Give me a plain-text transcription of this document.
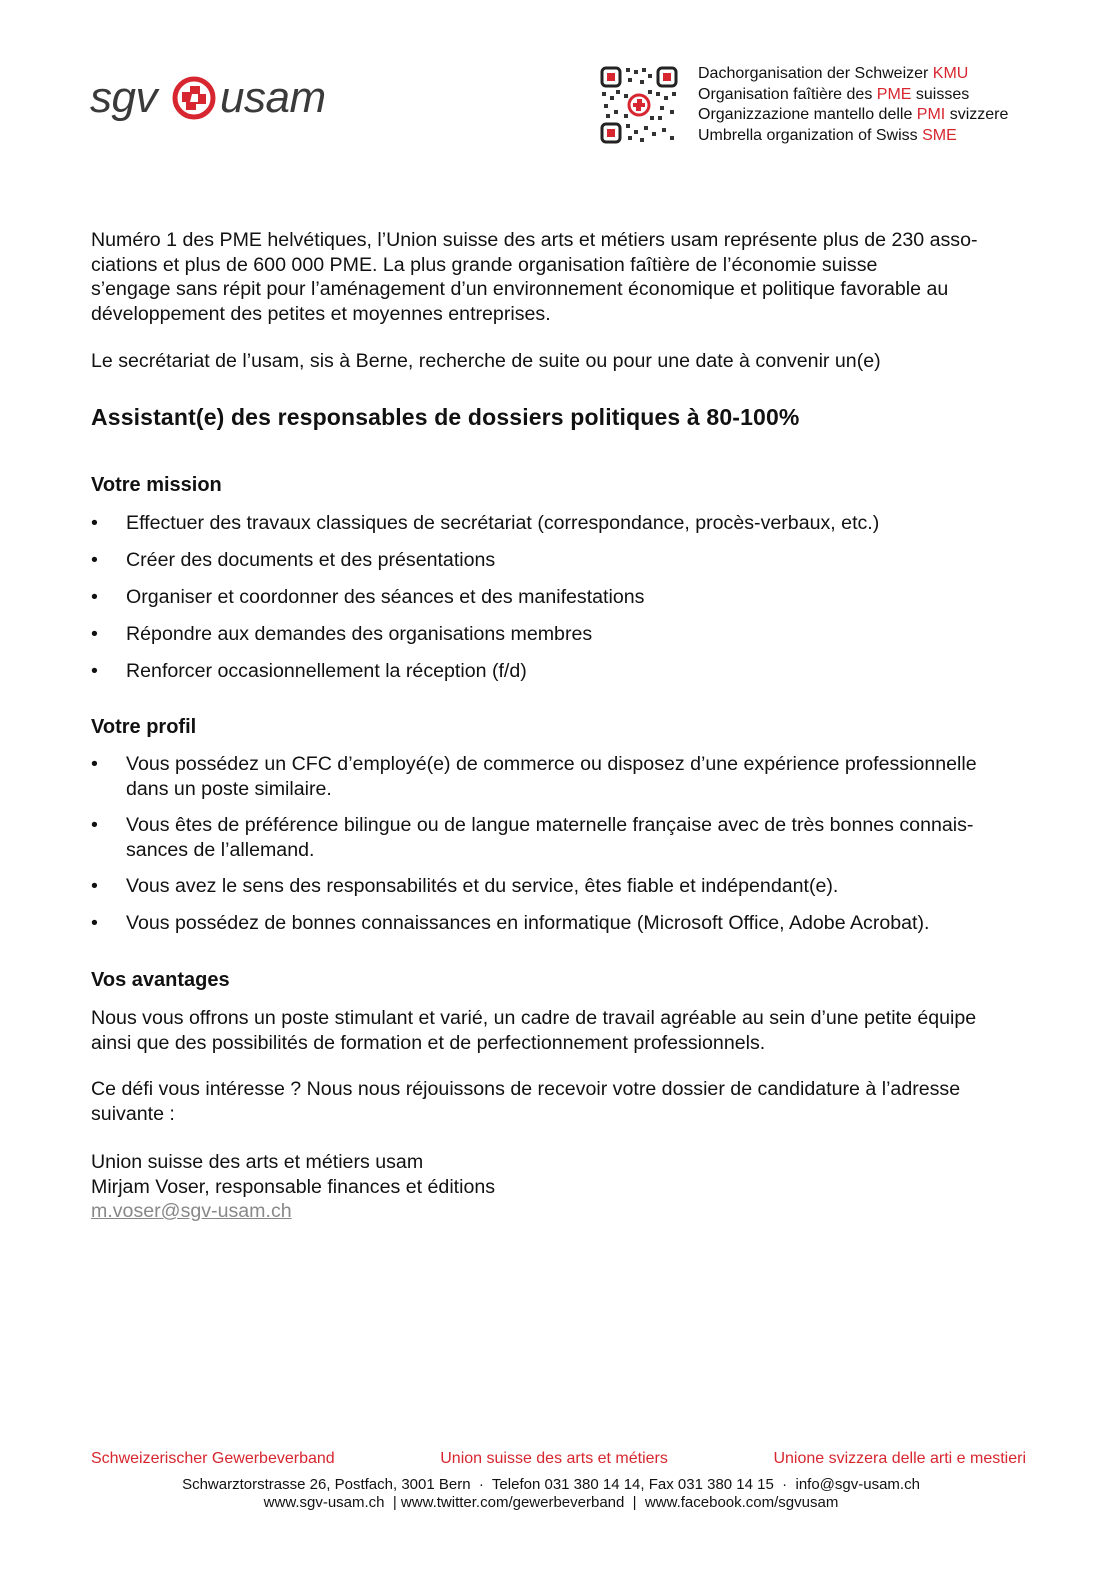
sgv usam	Dachorganisation der Schweizer KMU
Organisation faîtière des PME suisses
Organizzazione mantello delle PMI svizzere
Umbrella organization of Swiss SME
Numéro 1 des PME helvétiques, l’Union suisse des arts et métiers usam représente plus de 230 asso-
ciations et plus de 600 000 PME. La plus grande organisation faîtière de l’économie suisse
s’engage sans répit pour l’aménagement d’un environnement économique et politique favorable au
développement des petites et moyennes entreprises.
Le secrétariat de l’usam, sis à Berne, recherche de suite ou pour une date à convenir un(e)
Assistant(e) des responsables de dossiers politiques à 80-100%
Votre mission
• Effectuer des travaux classiques de secrétariat (correspondance, procès-verbaux, etc.)
• Créer des documents et des présentations
• Organiser et coordonner des séances et des manifestations
• Répondre aux demandes des organisations membres
• Renforcer occasionnellement la réception (f/d)
Votre profil
• Vous possédez un CFC d’employé(e) de commerce ou disposez d’une expérience professionnelle
dans un poste similaire.
• Vous êtes de préférence bilingue ou de langue maternelle française avec de très bonnes connais-
sances de l’allemand.
• Vous avez le sens des responsabilités et du service, êtes fiable et indépendant(e).
• Vous possédez de bonnes connaissances en informatique (Microsoft Office, Adobe Acrobat).
Vos avantages
Nous vous offrons un poste stimulant et varié, un cadre de travail agréable au sein d’une petite équipe
ainsi que des possibilités de formation et de perfectionnement professionnels.
Ce défi vous intéresse ? Nous nous réjouissons de recevoir votre dossier de candidature à l’adresse
suivante :
Union suisse des arts et métiers usam
Mirjam Voser, responsable finances et éditions
m.voser@sgv-usam.ch
Schweizerischer Gewerbeverband	Union suisse des arts et métiers	Unione svizzera delle arti e mestieri
Schwarztorstrasse 26, Postfach, 3001 Bern  ·  Telefon 031 380 14 14, Fax 031 380 14 15  ·  info@sgv-usam.ch
www.sgv-usam.ch  | www.twitter.com/gewerbeverband  |  www.facebook.com/sgvusam
